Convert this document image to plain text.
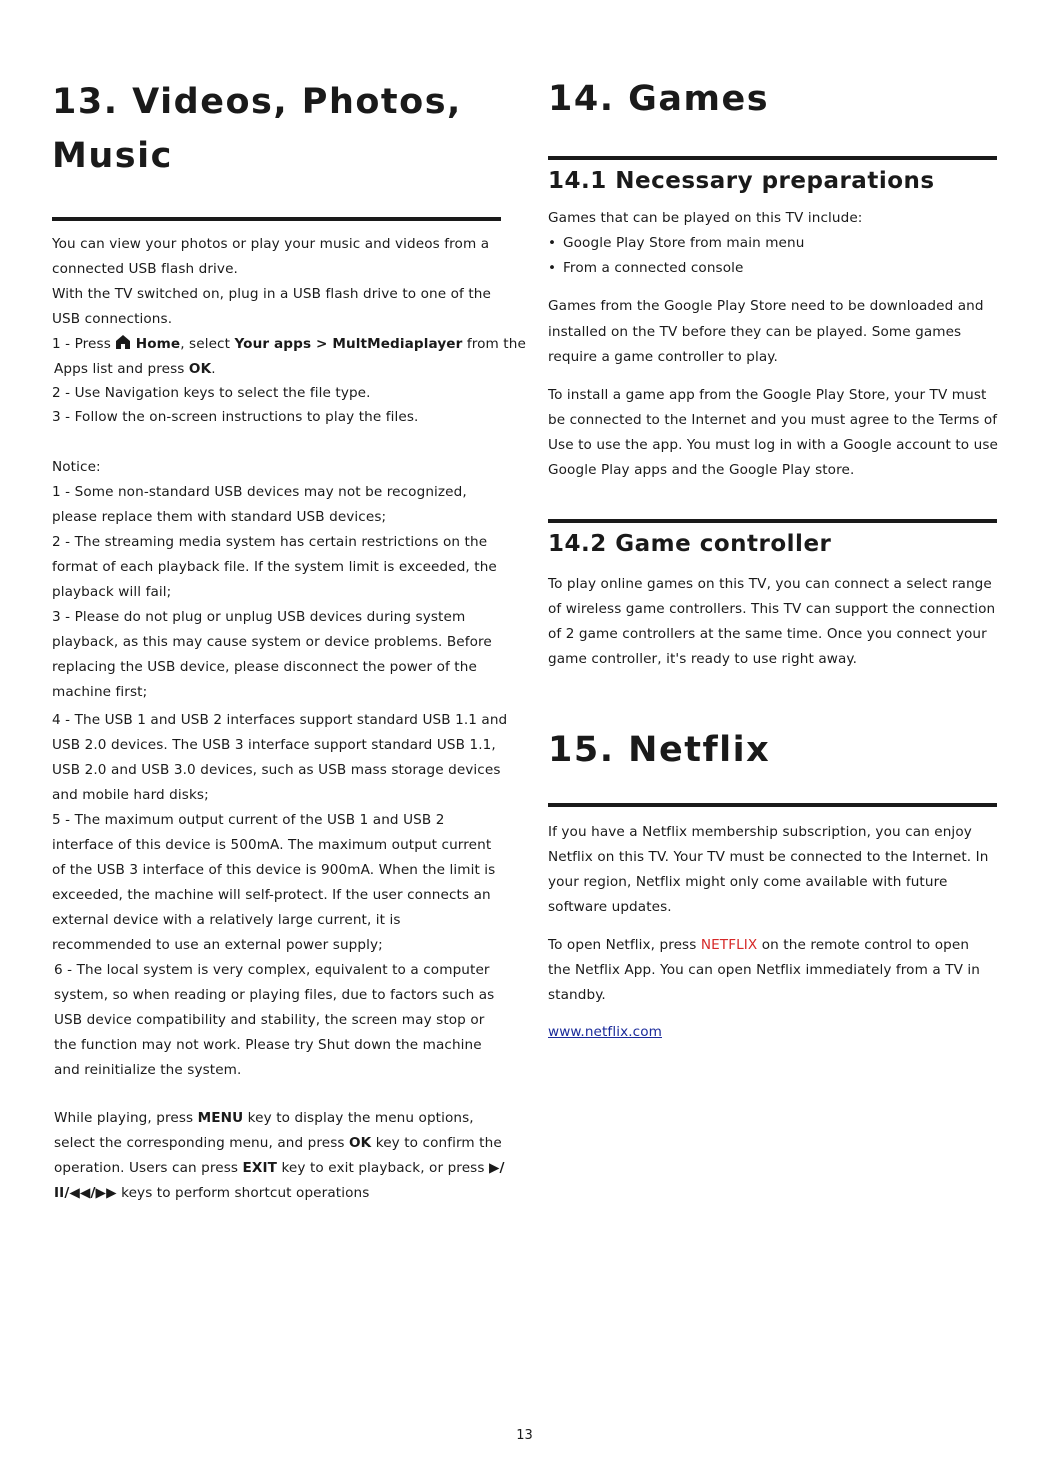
13. Videos, Photos,
Music
You can view your photos or play your music and videos from a
connected USB flash drive.
With the TV switched on, plug in a USB flash drive to one of the
USB connections.
1 - Press Home, select Your apps > MultMediaplayer from the
Apps list and press OK.
2 - Use Navigation keys to select the file type.
3 - Follow the on-screen instructions to play the files.
Notice:
1 - Some non-standard USB devices may not be recognized,
please replace them with standard USB devices;
2 - The streaming media system has certain restrictions on the
format of each playback file. If the system limit is exceeded, the
playback will fail;
3 - Please do not plug or unplug USB devices during system
playback, as this may cause system or device problems. Before
replacing the USB device, please disconnect the power of the
machine first;
4 - The USB 1 and USB 2 interfaces support standard USB 1.1 and
USB 2.0 devices. The USB 3 interface support standard USB 1.1,
USB 2.0 and USB 3.0 devices, such as USB mass storage devices
and mobile hard disks;
5 - The maximum output current of the USB 1 and USB 2
interface of this device is 500mA. The maximum output current
of the USB 3 interface of this device is 900mA. When the limit is
exceeded, the machine will self-protect. If the user connects an
external device with a relatively large current, it is
recommended to use an external power supply;
6 - The local system is very complex, equivalent to a computer
system, so when reading or playing files, due to factors such as
USB device compatibility and stability, the screen may stop or
the function may not work. Please try Shut down the machine
and reinitialize the system.
While playing, press MENU key to display the menu options,
select the corresponding menu, and press OK key to confirm the
operation. Users can press EXIT key to exit playback, or press ▶/
II/◀◀/▶▶ keys to perform shortcut operations
14. Games
14.1 Necessary preparations
Games that can be played on this TV include:
• Google Play Store from main menu
• From a connected console
Games from the Google Play Store need to be downloaded and
installed on the TV before they can be played. Some games
require a game controller to play.
To install a game app from the Google Play Store, your TV must
be connected to the Internet and you must agree to the Terms of
Use to use the app. You must log in with a Google account to use
Google Play apps and the Google Play store.
14.2 Game controller
To play online games on this TV, you can connect a select range
of wireless game controllers. This TV can support the connection
of 2 game controllers at the same time. Once you connect your
game controller, it's ready to use right away.
15. Netflix
If you have a Netflix membership subscription, you can enjoy
Netflix on this TV. Your TV must be connected to the Internet. In
your region, Netflix might only come available with future
software updates.
To open Netflix, press NETFLIX on the remote control to open
the Netflix App. You can open Netflix immediately from a TV in
standby.
www.netflix.com
13
